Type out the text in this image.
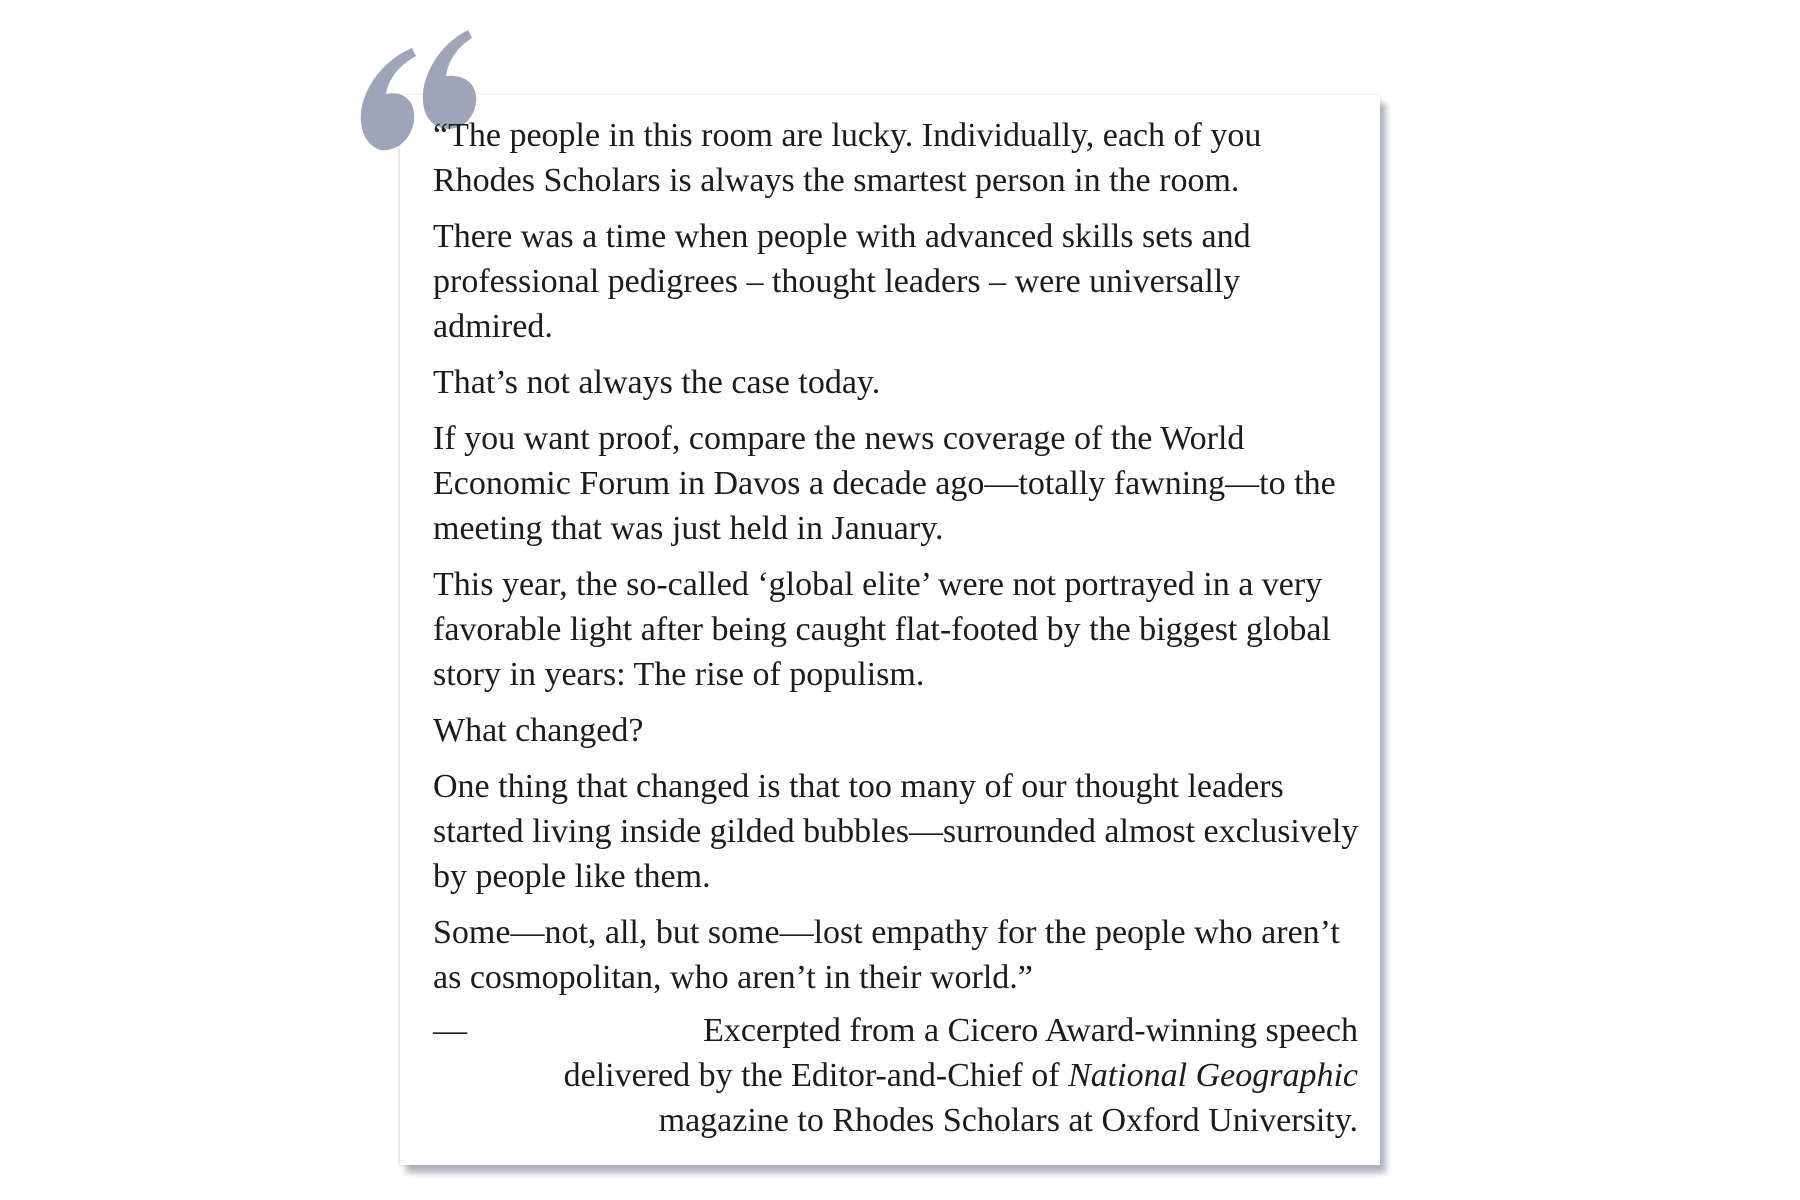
“The people in this room are lucky. Individually, each of you Rhodes Scholars is always the smartest person in the room.

There was a time when people with advanced skills sets and professional pedigrees – thought leaders – were universally admired.

That’s not always the case today.

If you want proof, compare the news coverage of the World Economic Forum in Davos a decade ago—totally fawning—to the meeting that was just held in January.

This year, the so-called ‘global elite’ were not portrayed in a very favorable light after being caught flat-footed by the biggest global story in years: The rise of populism.

What changed?

One thing that changed is that too many of our thought leaders started living inside gilded bubbles—surrounded almost exclusively by people like them.

Some—not, all, but some—lost empathy for the people who aren’t as cosmopolitan, who aren’t in their world.”

—	Excerpted from a Cicero Award-winning speech
delivered by the Editor-and-Chief of National Geographic
magazine to Rhodes Scholars at Oxford University.
